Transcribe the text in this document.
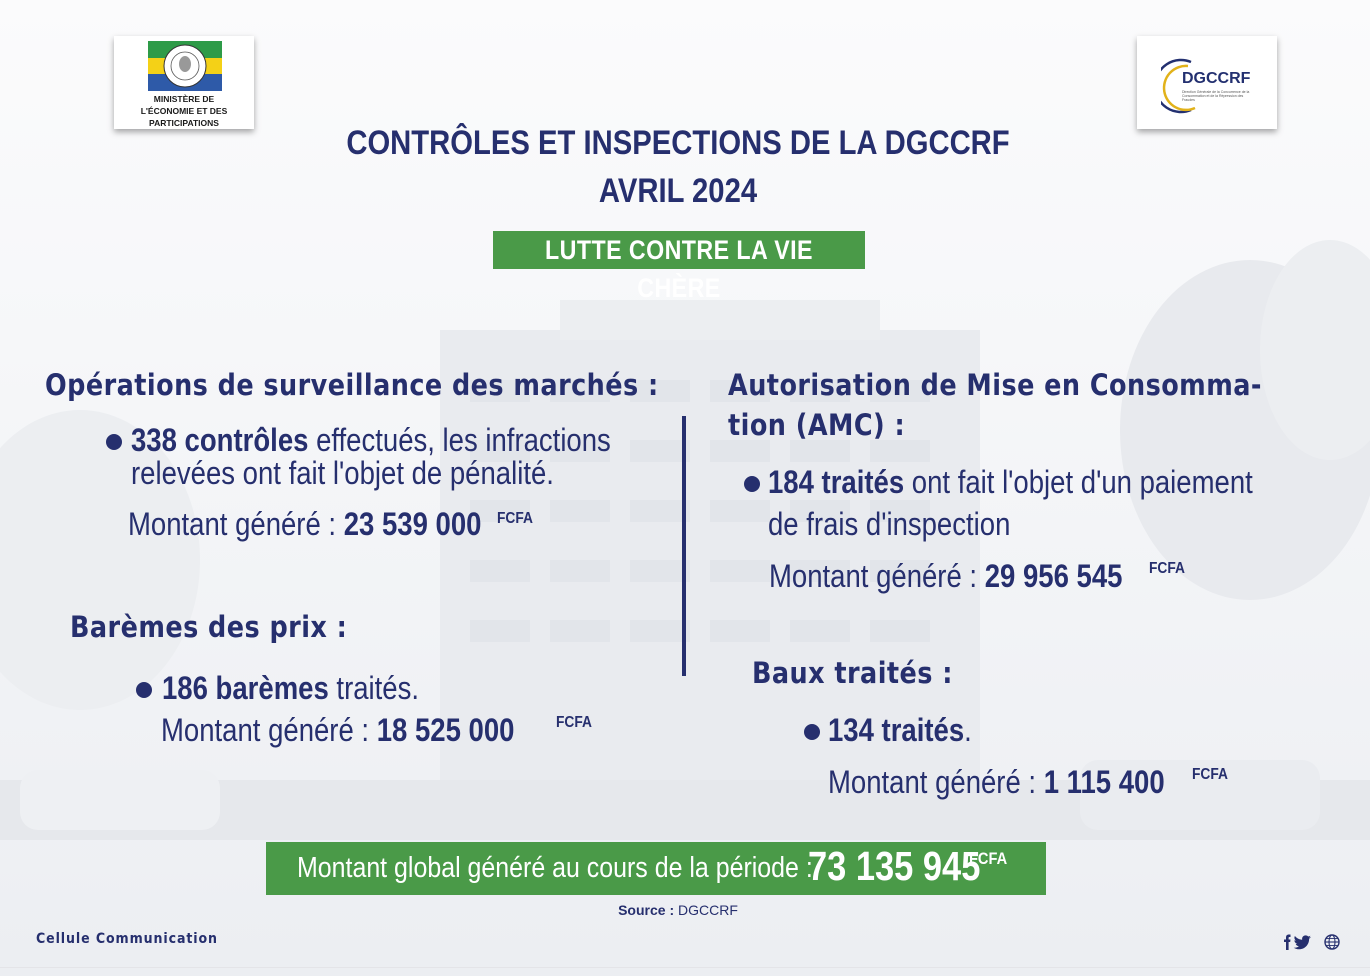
MINISTÈRE DE
L'ÉCONOMIE ET DES
PARTICIPATIONS
DGCCRF
Direction Générale de la Concurrence de la Consommation et de la Répression des Fraudes
CONTRÔLES ET INSPECTIONS DE LA DGCCRF
AVRIL 2024
LUTTE CONTRE LA VIE CHÈRE
Opérations de surveillance des marchés :
338 contrôles effectués, les infractions
relevées ont fait l'objet de pénalité.
Montant généré : 23 539 000 FCFA
Barèmes des prix :
186 barèmes traités.
Montant généré : 18 525 000	FCFA
Autorisation de Mise en Consomma-
tion (AMC) :
184 traités ont fait l'objet d'un paiement
de frais d'inspection
Montant généré : 29 956 545 FCFA
Baux traités :
134 traités.
Montant généré : 1 115 400 FCFA
Montant global généré au cours de la période :
73 135 945
FCFA
Source : DGCCRF
Cellule Communication
